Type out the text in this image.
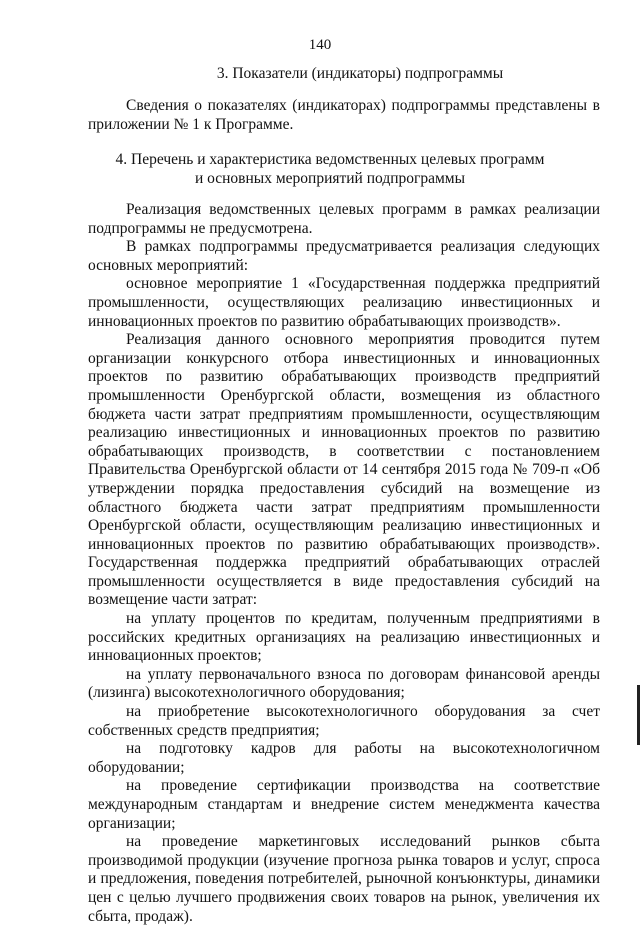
140
3. Показатели (индикаторы) подпрограммы
Сведения о показателях (индикаторах) подпрограммы представлены в приложении № 1 к Программе.
4. Перечень и характеристика ведомственных целевых программ
и основных мероприятий подпрограммы

Реализация ведомственных целевых программ в рамках реализации подпрограммы не предусмотрена.

В рамках подпрограммы предусматривается реализация следующих основных мероприятий:

основное мероприятие 1 «Государственная поддержка предприятий промышленности, осуществляющих реализацию инвестиционных и инновационных проектов по развитию обрабатывающих производств».

Реализация данного основного мероприятия проводится путем организации конкурсного отбора инвестиционных и инновационных проектов по развитию обрабатывающих производств предприятий промышленности Оренбургской области, возмещения из областного бюджета части затрат предприятиям промышленности, осуществляющим реализацию инвестиционных и инновационных проектов по развитию обрабатывающих производств, в соответствии с постановлением Правительства Оренбургской области от 14 сентября 2015 года № 709-п «Об утверждении порядка предоставления субсидий на возмещение из областного бюджета части затрат предприятиям промышленности Оренбургской области, осуществляющим реализацию инвестиционных и инновационных проектов по развитию обрабатывающих производств». Государственная поддержка предприятий обрабатывающих отраслей промышленности осуществляется в виде предоставления субсидий на возмещение части затрат:

на уплату процентов по кредитам, полученным предприятиями в российских кредитных организациях на реализацию инвестиционных и инновационных проектов;

на уплату первоначального взноса по договорам финансовой аренды (лизинга) высокотехнологичного оборудования;

на приобретение высокотехнологичного оборудования за счет собственных средств предприятия;

на подготовку кадров для работы на высокотехнологичном оборудовании;

на проведение сертификации производства на соответствие международным стандартам и внедрение систем менеджмента качества организации;

на проведение маркетинговых исследований рынков сбыта производимой продукции (изучение прогноза рынка товаров и услуг, спроса и предложения, поведения потребителей, рыночной конъюнктуры, динамики цен с целью лучшего продвижения своих товаров на рынок, увеличения их сбыта, продаж).
